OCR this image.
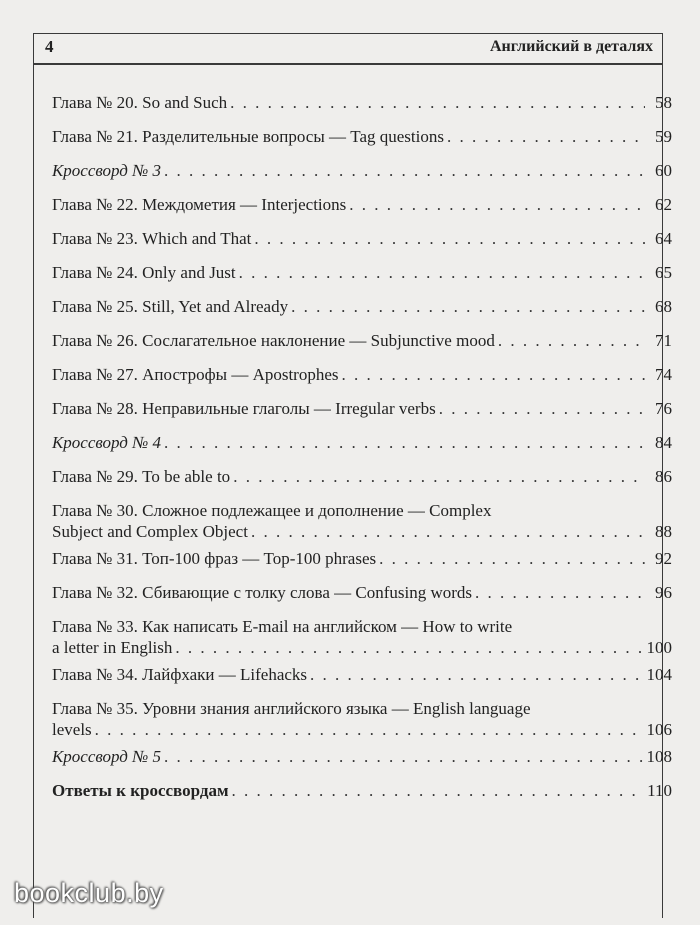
4	Английский в деталях
Глава № 20. So and Such . . .	58
Глава № 21. Разделительные вопросы — Tag questions . . .	59
Кроссворд № 3 . . .	60
Глава № 22. Междометия — Interjections . . .	62
Глава № 23. Which and That . . .	64
Глава № 24. Only and Just . . .	65
Глава № 25. Still, Yet and Already . . .	68
Глава № 26. Сослагательное наклонение — Subjunctive mood . . .	71
Глава № 27. Апострофы — Apostrophes . . .	74
Глава № 28. Неправильные глаголы — Irregular verbs . . .	76
Кроссворд № 4 . . .	84
Глава № 29. To be able to . . .	86
Глава № 30. Сложное подлежащее и дополнение — Complex
Subject and Complex Object . . .	88
Глава № 31. Топ-100 фраз — Top-100 phrases . . .	92
Глава № 32. Сбивающие с толку слова — Confusing words . . .	96
Глава № 33. Как написать E-mail на английском — How to write
a letter in English . . .	100
Глава № 34. Лайфхаки — Lifehacks . . .	104
Глава № 35. Уровни знания английского языка — English language
levels . . .	106
Кроссворд № 5 . . .	108
Ответы к кроссвордам . . .	110
bookclub.by
